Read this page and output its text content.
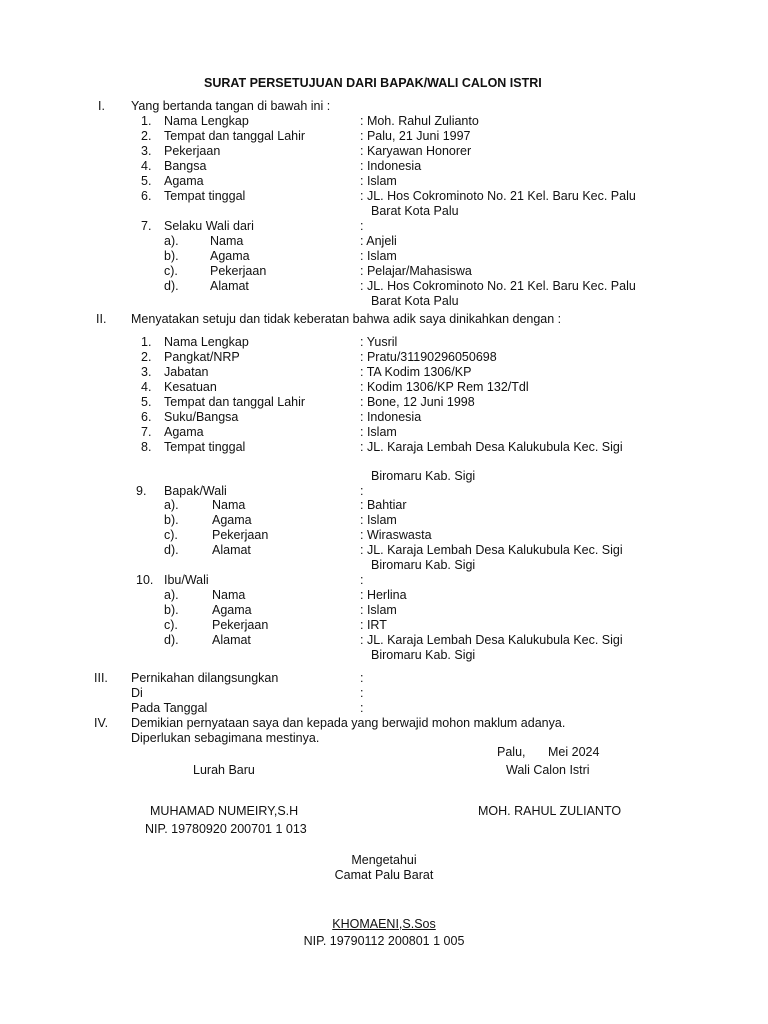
SURAT PERSETUJUAN DARI BAPAK/WALI CALON ISTRI
I. Yang bertanda tangan di bawah ini :
1. Nama Lengkap	: Moh. Rahul Zulianto
2. Tempat dan tanggal Lahir	: Palu, 21 Juni 1997
3. Pekerjaan	: Karyawan Honorer
4. Bangsa	: Indonesia
5. Agama	: Islam
6. Tempat tinggal	: JL. Hos Cokrominoto No. 21 Kel. Baru Kec. Palu
Barat Kota Palu
7. Selaku Wali dari	:
a).	Nama	: Anjeli
b).	Agama	: Islam
c).	Pekerjaan	: Pelajar/Mahasiswa
d).	Alamat	: JL. Hos Cokrominoto No. 21 Kel. Baru Kec. Palu
Barat Kota Palu
II. Menyatakan setuju dan tidak keberatan bahwa adik saya dinikahkan dengan :
1. Nama Lengkap	: Yusril
2. Pangkat/NRP	: Pratu/31190296050698
3. Jabatan	: TA Kodim 1306/KP
4. Kesatuan	: Kodim 1306/KP Rem 132/Tdl
5. Tempat dan tanggal Lahir	: Bone, 12 Juni 1998
6. Suku/Bangsa	: Indonesia
7. Agama	: Islam
8. Tempat tinggal	: JL. Karaja Lembah Desa Kalukubula Kec. Sigi
Biromaru Kab. Sigi
9. Bapak/Wali	:
a).	Nama	: Bahtiar
b).	Agama	: Islam
c).	Pekerjaan	: Wiraswasta
d).	Alamat	: JL. Karaja Lembah Desa Kalukubula Kec. Sigi
Biromaru Kab. Sigi
10. Ibu/Wali	:
a).	Nama	: Herlina
b).	Agama	: Islam
c).	Pekerjaan	: IRT
d).	Alamat	: JL. Karaja Lembah Desa Kalukubula Kec. Sigi
Biromaru Kab. Sigi
III. Pernikahan dilangsungkan	:
Di	:
Pada Tanggal	:
IV. Demikian pernyataan saya dan kepada yang berwajid mohon maklum adanya.
Diperlukan sebagimana mestinya.
Palu, Mei 2024
Lurah Baru	Wali Calon Istri
MUHAMAD NUMEIRY,S.H	MOH. RAHUL ZULIANTO
NIP. 19780920 200701 1 013
Mengetahui
Camat Palu Barat
KHOMAENI,S.Sos
NIP. 19790112 200801 1 005
